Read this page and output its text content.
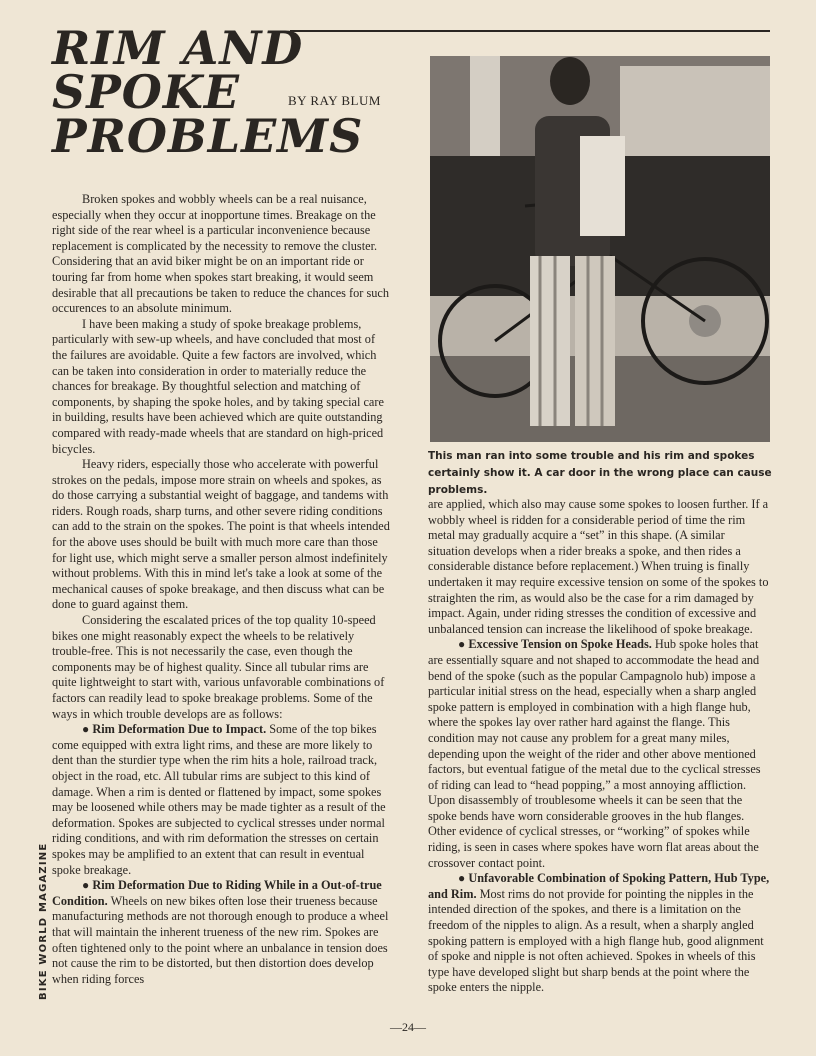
RIM AND
SPOKE
PROBLEMS
BY RAY BLUM
This man ran into some trouble and his rim and spokes certainly show it. A car door in the wrong place can cause problems.

Broken spokes and wobbly wheels can be a real nuisance, especially when they occur at inopportune times. Breakage on the right side of the rear wheel is a particular inconvenience because replacement is complicated by the necessity to remove the cluster. Considering that an avid biker might be on an important ride or touring far from home when spokes start breaking, it would seem desirable that all precautions be taken to reduce the chances for such occurences to an absolute minimum.

I have been making a study of spoke breakage problems, particularly with sew-up wheels, and have concluded that most of the failures are avoidable. Quite a few factors are involved, which can be taken into consideration in order to materially reduce the chances for breakage. By thoughtful selection and matching of components, by shaping the spoke holes, and by taking special care in building, results have been achieved which are quite outstanding compared with ready-made wheels that are standard on high-priced bicycles.

Heavy riders, especially those who accelerate with powerful strokes on the pedals, impose more strain on wheels and spokes, as do those carrying a substantial weight of baggage, and tandems with riders. Rough roads, sharp turns, and other severe riding conditions can add to the strain on the spokes. The point is that wheels intended for the above uses should be built with much more care than those for light use, which might serve a smaller person almost indefinitely without problems. With this in mind let's take a look at some of the mechanical causes of spoke breakage, and then discuss what can be done to guard against them.

Considering the escalated prices of the top quality 10-speed bikes one might reasonably expect the wheels to be relatively trouble-free. This is not necessarily the case, even though the components may be of highest quality. Since all tubular rims are quite lightweight to start with, various unfavorable combinations of factors can readily lead to spoke breakage problems. Some of the ways in which trouble develops are as follows:

● Rim Deformation Due to Impact. Some of the top bikes come equipped with extra light rims, and these are more likely to dent than the sturdier type when the rim hits a hole, railroad track, object in the road, etc. All tubular rims are subject to this kind of damage. When a rim is dented or flattened by impact, some spokes may be loosened while others may be made tighter as a result of the deformation. Spokes are subjected to cyclical stresses under normal riding conditions, and with rim deformation the stresses on certain spokes may be amplified to an extent that can result in eventual spoke breakage.

● Rim Deformation Due to Riding While in a Out-of-true Condition. Wheels on new bikes often lose their trueness because manufacturing methods are not thorough enough to produce a wheel that will maintain the inherent trueness of the new rim. Spokes are often tightened only to the point where an unbalance in tension does not cause the rim to be distorted, but then distortion does develop when riding forces

are applied, which also may cause some spokes to loosen further. If a wobbly wheel is ridden for a considerable period of time the rim metal may gradually acquire a “set” in this shape. (A similar situation develops when a rider breaks a spoke, and then rides a considerable distance before replacement.) When truing is finally undertaken it may require excessive tension on some of the spokes to straighten the rim, as would also be the case for a rim damaged by impact. Again, under riding stresses the condition of excessive and unbalanced tension can increase the likelihood of spoke breakage.

● Excessive Tension on Spoke Heads. Hub spoke holes that are essentially square and not shaped to accommodate the head and bend of the spoke (such as the popular Campagnolo hub) impose a particular initial stress on the head, especially when a sharp angled spoke pattern is employed in combination with a high flange hub, where the spokes lay over rather hard against the flange. This condition may not cause any problem for a great many miles, depending upon the weight of the rider and other above mentioned factors, but eventual fatigue of the metal due to the cyclical stresses of riding can lead to “head popping,” a most annoying affliction. Upon disassembly of troublesome wheels it can be seen that the spoke bends have worn considerable grooves in the hub flanges. Other evidence of cyclical stresses, or “working” of spokes while riding, is seen in cases where spokes have worn flat areas about the crossover contact point.

● Unfavorable Combination of Spoking Pattern, Hub Type, and Rim. Most rims do not provide for pointing the nipples in the intended direction of the spokes, and there is a limitation on the freedom of the nipples to align. As a result, when a sharply angled spoking pattern is employed with a high flange hub, good alignment of spoke and nipple is not often achieved. Spokes in wheels of this type have developed slight but sharp bends at the point where the spoke enters the nipple.

BIKE WORLD MAGAZINE
—24—
